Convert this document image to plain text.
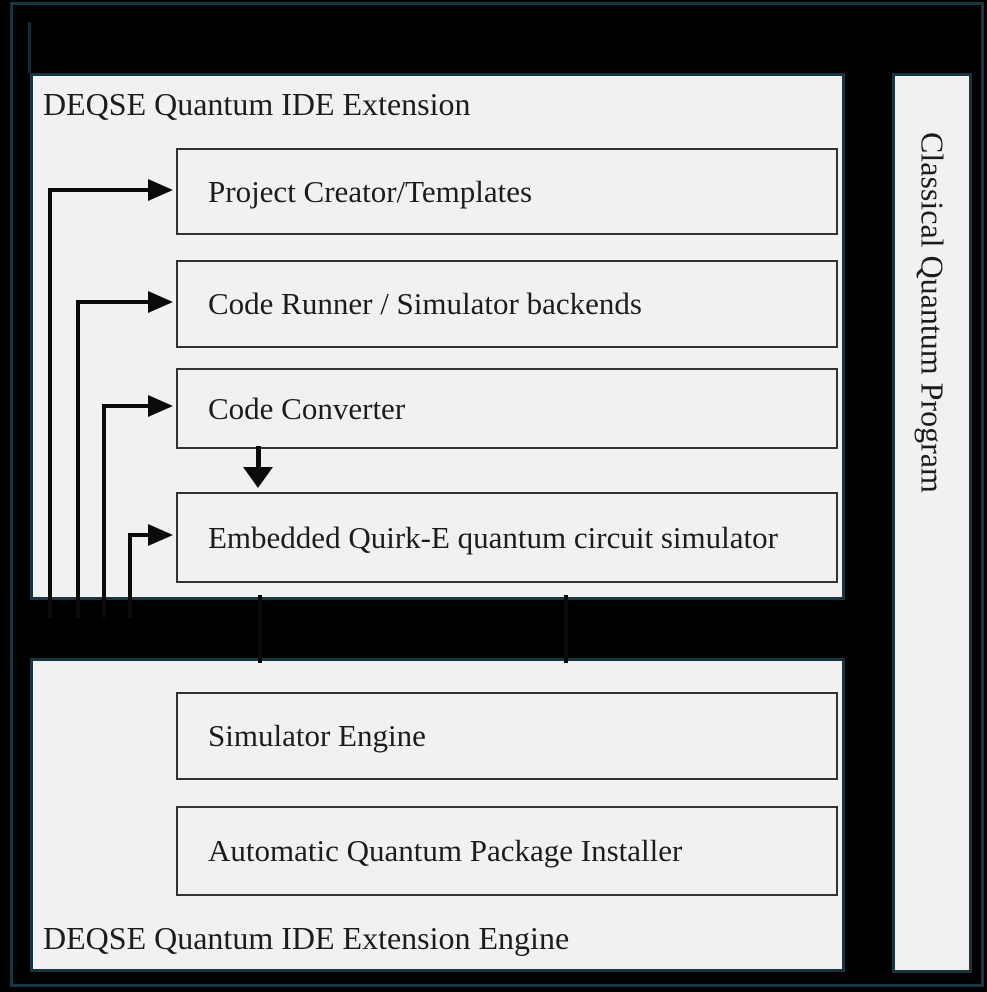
DEQSE Quantum IDE Extension
Project Creator/Templates
Code Runner / Simulator backends
Code Converter
Embedded Quirk-E quantum circuit simulator
DEQSE Quantum IDE Extension Engine
Simulator Engine
Automatic Quantum Package Installer
Classical Quantum Program
